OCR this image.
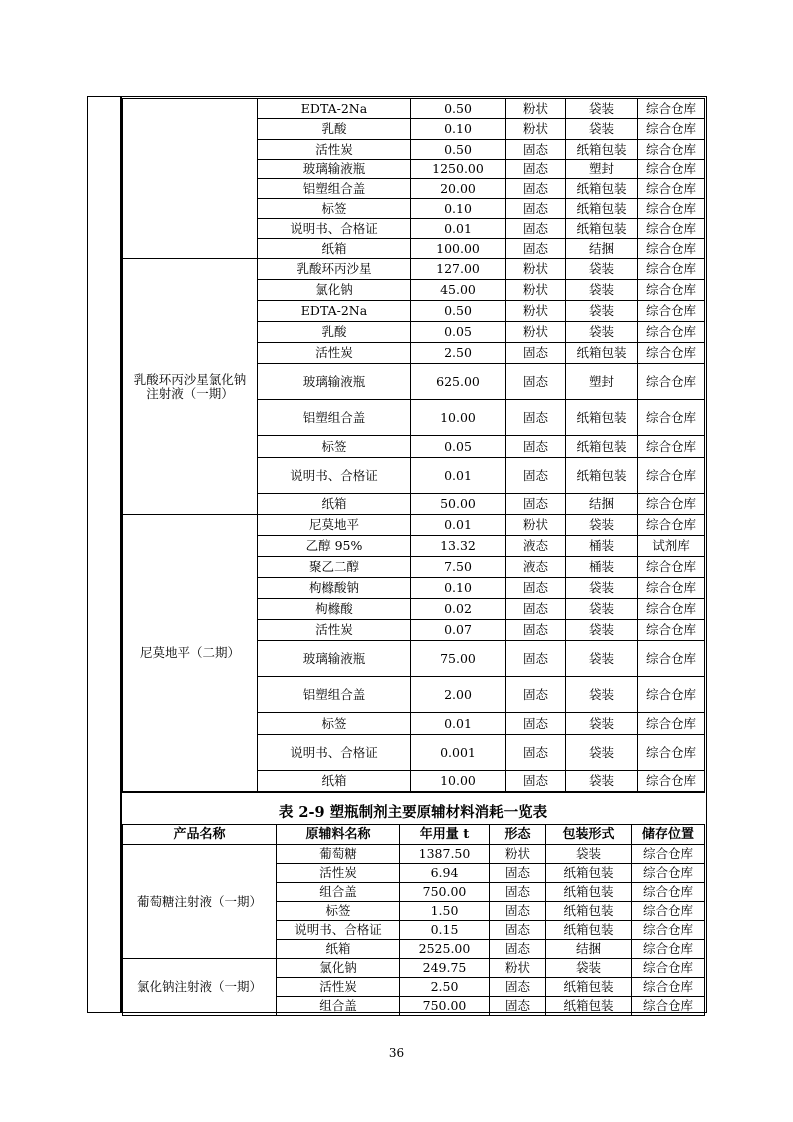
	EDTA-2Na	0.50	粉状	袋装	综合仓库
	乳酸	0.10	粉状	袋装	综合仓库
	活性炭	0.50	固态	纸箱包装	综合仓库
	玻璃输液瓶	1250.00	固态	塑封	综合仓库
	铝塑组合盖	20.00	固态	纸箱包装	综合仓库
	标签	0.10	固态	纸箱包装	综合仓库
	说明书、合格证	0.01	固态	纸箱包装	综合仓库
	纸箱	100.00	固态	结捆	综合仓库
乳酸环丙沙星氯化钠注射液（一期）	乳酸环丙沙星	127.00	粉状	袋装	综合仓库
	氯化钠	45.00	粉状	袋装	综合仓库
	EDTA-2Na	0.50	粉状	袋装	综合仓库
	乳酸	0.05	粉状	袋装	综合仓库
	活性炭	2.50	固态	纸箱包装	综合仓库
	玻璃输液瓶	625.00	固态	塑封	综合仓库
	铝塑组合盖	10.00	固态	纸箱包装	综合仓库
	标签	0.05	固态	纸箱包装	综合仓库
	说明书、合格证	0.01	固态	纸箱包装	综合仓库
	纸箱	50.00	固态	结捆	综合仓库
尼莫地平（二期）	尼莫地平	0.01	粉状	袋装	综合仓库
	乙醇 95%	13.32	液态	桶装	试剂库
	聚乙二醇	7.50	液态	桶装	综合仓库
	枸橼酸钠	0.10	固态	袋装	综合仓库
	枸橼酸	0.02	固态	袋装	综合仓库
	活性炭	0.07	固态	袋装	综合仓库
	玻璃输液瓶	75.00	固态	袋装	综合仓库
	铝塑组合盖	2.00	固态	袋装	综合仓库
	标签	0.01	固态	袋装	综合仓库
	说明书、合格证	0.001	固态	袋装	综合仓库
	纸箱	10.00	固态	袋装	综合仓库
表 2-9 塑瓶制剂主要原辅材料消耗一览表
产品名称	原辅料名称	年用量 t	形态	包装形式	储存位置
葡萄糖注射液（一期）	葡萄糖	1387.50	粉状	袋装	综合仓库
	活性炭	6.94	固态	纸箱包装	综合仓库
	组合盖	750.00	固态	纸箱包装	综合仓库
	标签	1.50	固态	纸箱包装	综合仓库
	说明书、合格证	0.15	固态	纸箱包装	综合仓库
	纸箱	2525.00	固态	结捆	综合仓库
氯化钠注射液（一期）	氯化钠	249.75	粉状	袋装	综合仓库
	活性炭	2.50	固态	纸箱包装	综合仓库
	组合盖	750.00	固态	纸箱包装	综合仓库
36
